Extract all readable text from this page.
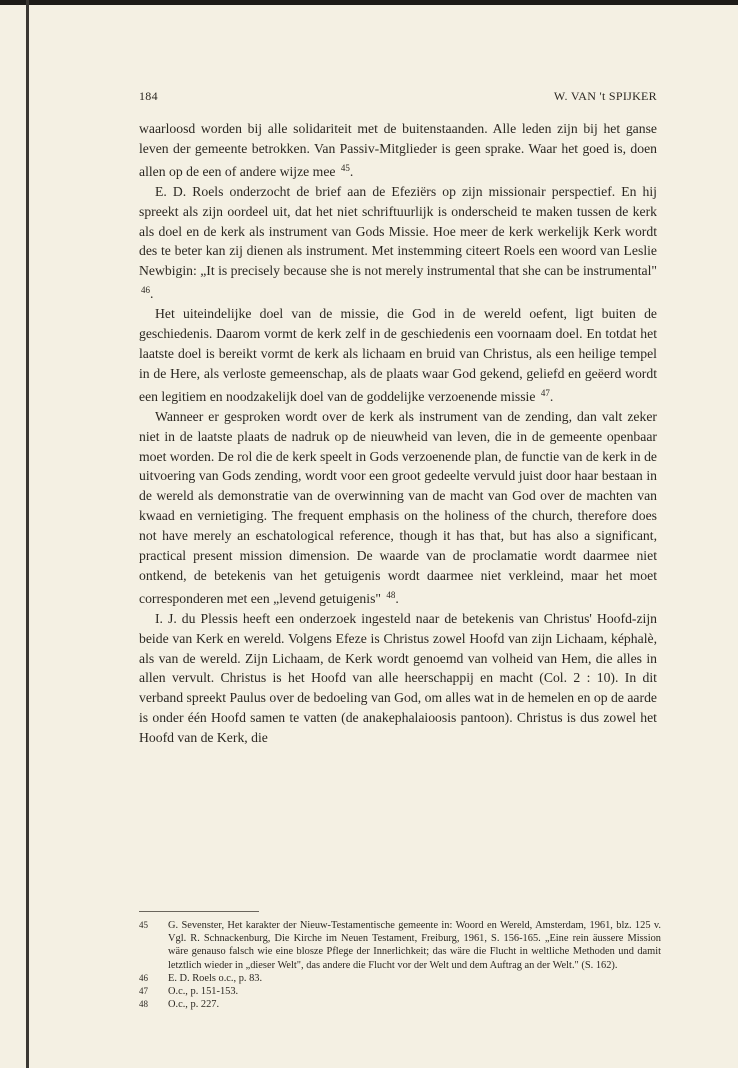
184	W. VAN 't SPIJKER

waarloosd worden bij alle solidariteit met de buitenstaanden. Alle leden zijn bij het ganse leven der gemeente betrokken. Van Passiv-Mitglieder is geen sprake. Waar het goed is, doen allen op de een of andere wijze mee $^{45}$.

E. D. Roels onderzocht de brief aan de Efeziërs op zijn missionair perspectief. En hij spreekt als zijn oordeel uit, dat het niet schriftuurlijk is onderscheid te maken tussen de kerk als doel en de kerk als instrument van Gods Missie. Hoe meer de kerk werkelijk Kerk wordt des te beter kan zij dienen als instrument. Met instemming citeert Roels een woord van Leslie Newbigin: „It is precisely because she is not merely instrumental that she can be instrumental" $^{46}$.

Het uiteindelijke doel van de missie, die God in de wereld oefent, ligt buiten de geschiedenis. Daarom vormt de kerk zelf in de geschiedenis een voornaam doel. En totdat het laatste doel is bereikt vormt de kerk als lichaam en bruid van Christus, als een heilige tempel in de Here, als verloste gemeenschap, als de plaats waar God gekend, geliefd en geëerd wordt een legitiem en noodzakelijk doel van de goddelijke verzoenende missie $^{47}$.

Wanneer er gesproken wordt over de kerk als instrument van de zending, dan valt zeker niet in de laatste plaats de nadruk op de nieuwheid van leven, die in de gemeente openbaar moet worden. De rol die de kerk speelt in Gods verzoenende plan, de functie van de kerk in de uitvoering van Gods zending, wordt voor een groot gedeelte vervuld juist door haar bestaan in de wereld als demonstratie van de overwinning van de macht van God over de machten van kwaad en vernietiging. The frequent emphasis on the holiness of the church, therefore does not have merely an eschatological reference, though it has that, but has also a significant, practical present mission dimension. De waarde van de proclamatie wordt daarmee niet ontkend, de betekenis van het getuigenis wordt daarmee niet verkleind, maar het moet corresponderen met een „levend getuigenis" $^{48}$.

I. J. du Plessis heeft een onderzoek ingesteld naar de betekenis van Christus' Hoofd-zijn beide van Kerk en wereld. Volgens Efeze is Christus zowel Hoofd van zijn Lichaam, képhalè, als van de wereld. Zijn Lichaam, de Kerk wordt genoemd van volheid van Hem, die alles in allen vervult. Christus is het Hoofd van alle heerschappij en macht (Col. 2 : 10). In dit verband spreekt Paulus over de bedoeling van God, om alles wat in de hemelen en op de aarde is onder één Hoofd samen te vatten (de anakephalaioosis pantoon). Christus is dus zowel het Hoofd van de Kerk, die

45	G. Sevenster, Het karakter der Nieuw-Testamentische gemeente in: Woord en Wereld, Amsterdam, 1961, blz. 125 v. Vgl. R. Schnackenburg, Die Kirche im Neuen Testament, Freiburg, 1961, S. 156-165. „Eine rein äussere Mission wäre genauso falsch wie eine blosze Pflege der Innerlichkeit; das wäre die Flucht in weltliche Methoden und damit letztlich wieder in „dieser Welt", das andere die Flucht vor der Welt und dem Auftrag an der Welt." (S. 162).
46	E. D. Roels o.c., p. 83.
47	O.c., p. 151-153.
48	O.c., p. 227.
